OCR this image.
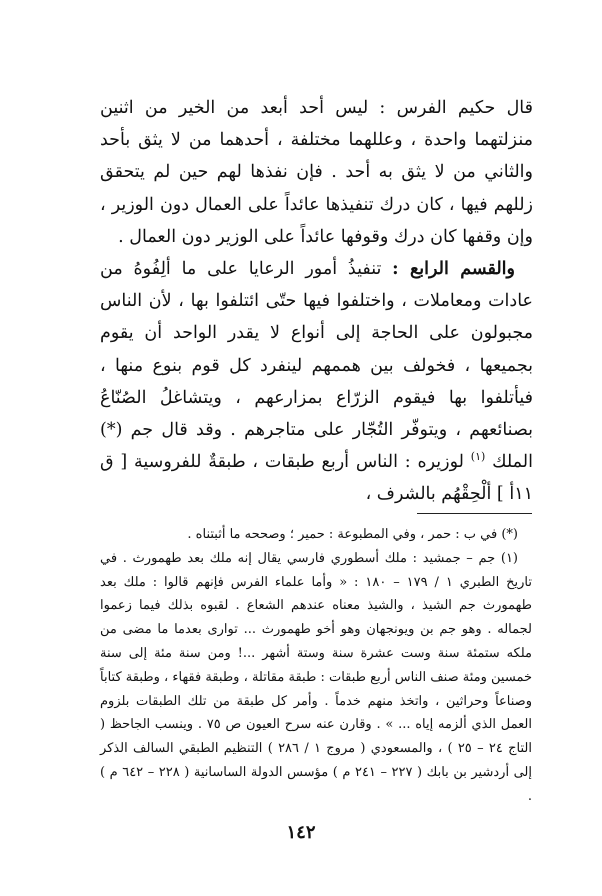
قال حكيم الفرس : ليس أحد أبعد من الخير من اثنين منزلتهما واحدة ، وعللهما مختلفة ، أحدهما من لا يثق بأحد والثاني من لا يثق به أحد . فإن نفذها لهم حين لم يتحقق زللهم فيها ، كان درك تنفيذها عائداً على العمال دون الوزير ، وإن وقفها كان درك وقوفها عائداً على الوزير دون العمال .

والقسم الرابع : تنفيذُ أمور الرعايا على ما ألِفُوهُ من عادات ومعاملات ، واختلفوا فيها حتّى ائتلفوا بها ، لأن الناس مجبولون على الحاجة إلى أنواع لا يقدر الواحد أن يقوم بجميعها ، فخولف بين هممهم لينفرد كل قوم بنوع منها ، فيأتلفوا بها فيقوم الزرّاع بمزارعهم ، ويتشاغلُ الصُنّاعُ بصنائعهم ، ويتوفّر التُجّار على متاجرهم . وقد قال جم (*) الملك $^{(١)}$ لوزيره : الناس أربع طبقات ، طبقةٌ للفروسية [ ق ١١أ ] ألْحِقْهُم بالشرف ،

(*) في ب : حمر ، وفي المطبوعة : حمير ؛ وصححه ما أثبتناه .

(١) جم – جمشيد : ملك أسطوري فارسي يقال إنه ملك بعد طهمورث . في تاريخ الطبري ١ / ١٧٩ – ١٨٠ : « وأما علماء الفرس فإنهم قالوا : ملك بعد طهمورث جم الشيذ ، والشيذ معناه عندهم الشعاع . لقبوه بذلك فيما زعموا لجماله . وهو جم بن ويونجهان وهو أخو طهمورث ... توارى بعدما ما مضى من ملكه ستمئة سنة وست عشرة سنة وستة أشهر ...! ومن سنة مئة إلى سنة خمسين ومئة صنف الناس أربع طبقات : طبقة مقاتلة ، وطبقة فقهاء ، وطبقة كتاباً وصناعاً وحراثين ، واتخذ منهم خدماً . وأمر كل طبقة من تلك الطبقات بلزوم العمل الذي ألزمه إياه ... » . وقارن عنه سرح العيون ص ٧٥ . وينسب الجاحظ ( التاج ٢٤ – ٢٥ ) ، والمسعودي ( مروج ١ / ٢٨٦ ) التنظيم الطبقي السالف الذكر إلى أردشير بن بابك ( ٢٢٧ – ٢٤١ م ) مؤسس الدولة الساسانية ( ٢٢٨ – ٦٤٢ م ) .

١٤٢
